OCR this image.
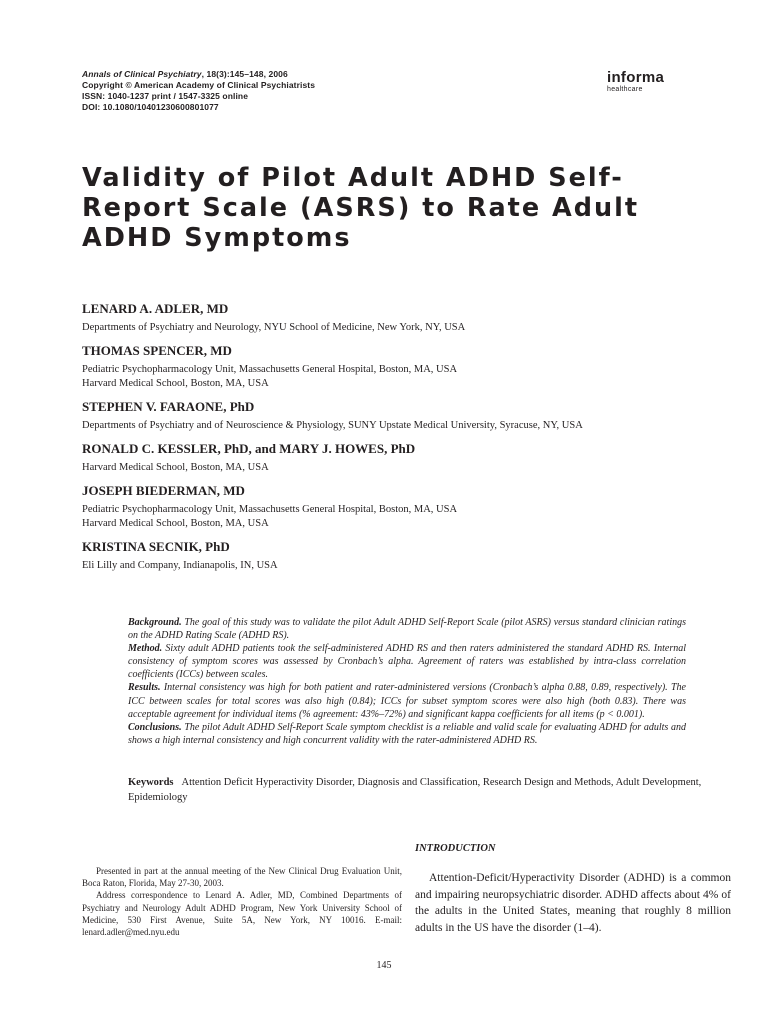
Annals of Clinical Psychiatry, 18(3):145–148, 2006
Copyright © American Academy of Clinical Psychiatrists
ISSN: 1040-1237 print / 1547-3325 online
DOI: 10.1080/10401230600801077
informa
healthcare
Validity of Pilot Adult ADHD Self-Report Scale (ASRS) to Rate Adult ADHD Symptoms
LENARD A. ADLER, MD
Departments of Psychiatry and Neurology, NYU School of Medicine, New York, NY, USA
THOMAS SPENCER, MD
Pediatric Psychopharmacology Unit, Massachusetts General Hospital, Boston, MA, USA
Harvard Medical School, Boston, MA, USA
STEPHEN V. FARAONE, PhD
Departments of Psychiatry and of Neuroscience & Physiology, SUNY Upstate Medical University, Syracuse, NY, USA
RONALD C. KESSLER, PhD, and MARY J. HOWES, PhD
Harvard Medical School, Boston, MA, USA
JOSEPH BIEDERMAN, MD
Pediatric Psychopharmacology Unit, Massachusetts General Hospital, Boston, MA, USA
Harvard Medical School, Boston, MA, USA
KRISTINA SECNIK, PhD
Eli Lilly and Company, Indianapolis, IN, USA

Background. The goal of this study was to validate the pilot Adult ADHD Self-Report Scale (pilot ASRS) versus standard clinician ratings on the ADHD Rating Scale (ADHD RS).

Method. Sixty adult ADHD patients took the self-administered ADHD RS and then raters administered the standard ADHD RS. Internal consistency of symptom scores was assessed by Cronbach’s alpha. Agreement of raters was established by intra-class correlation coefficients (ICCs) between scales.

Results. Internal consistency was high for both patient and rater-administered versions (Cronbach’s alpha 0.88, 0.89, respectively). The ICC between scales for total scores was also high (0.84); ICCs for subset symptom scores were also high (both 0.83). There was acceptable agreement for individual items (% agreement: 43%–72%) and significant kappa coefficients for all items (p < 0.001).

Conclusions. The pilot Adult ADHD Self-Report Scale symptom checklist is a reliable and valid scale for evaluating ADHD for adults and shows a high internal consistency and high concurrent validity with the rater-administered ADHD RS.

Keywords Attention Deficit Hyperactivity Disorder, Diagnosis and Classification, Research Design and Methods, Adult Development, Epidemiology

Presented in part at the annual meeting of the New Clinical Drug Evaluation Unit, Boca Raton, Florida, May 27-30, 2003.

Address correspondence to Lenard A. Adler, MD, Combined Departments of Psychiatry and Neurology Adult ADHD Program, New York University School of Medicine, 530 First Avenue, Suite 5A, New York, NY 10016. E-mail: lenard.adler@med.nyu.edu

INTRODUCTION

Attention-Deficit/Hyperactivity Disorder (ADHD) is a common and impairing neuropsychiatric disorder. ADHD affects about 4% of the adults in the United States, meaning that roughly 8 million adults in the US have the disorder (1–4).

145
